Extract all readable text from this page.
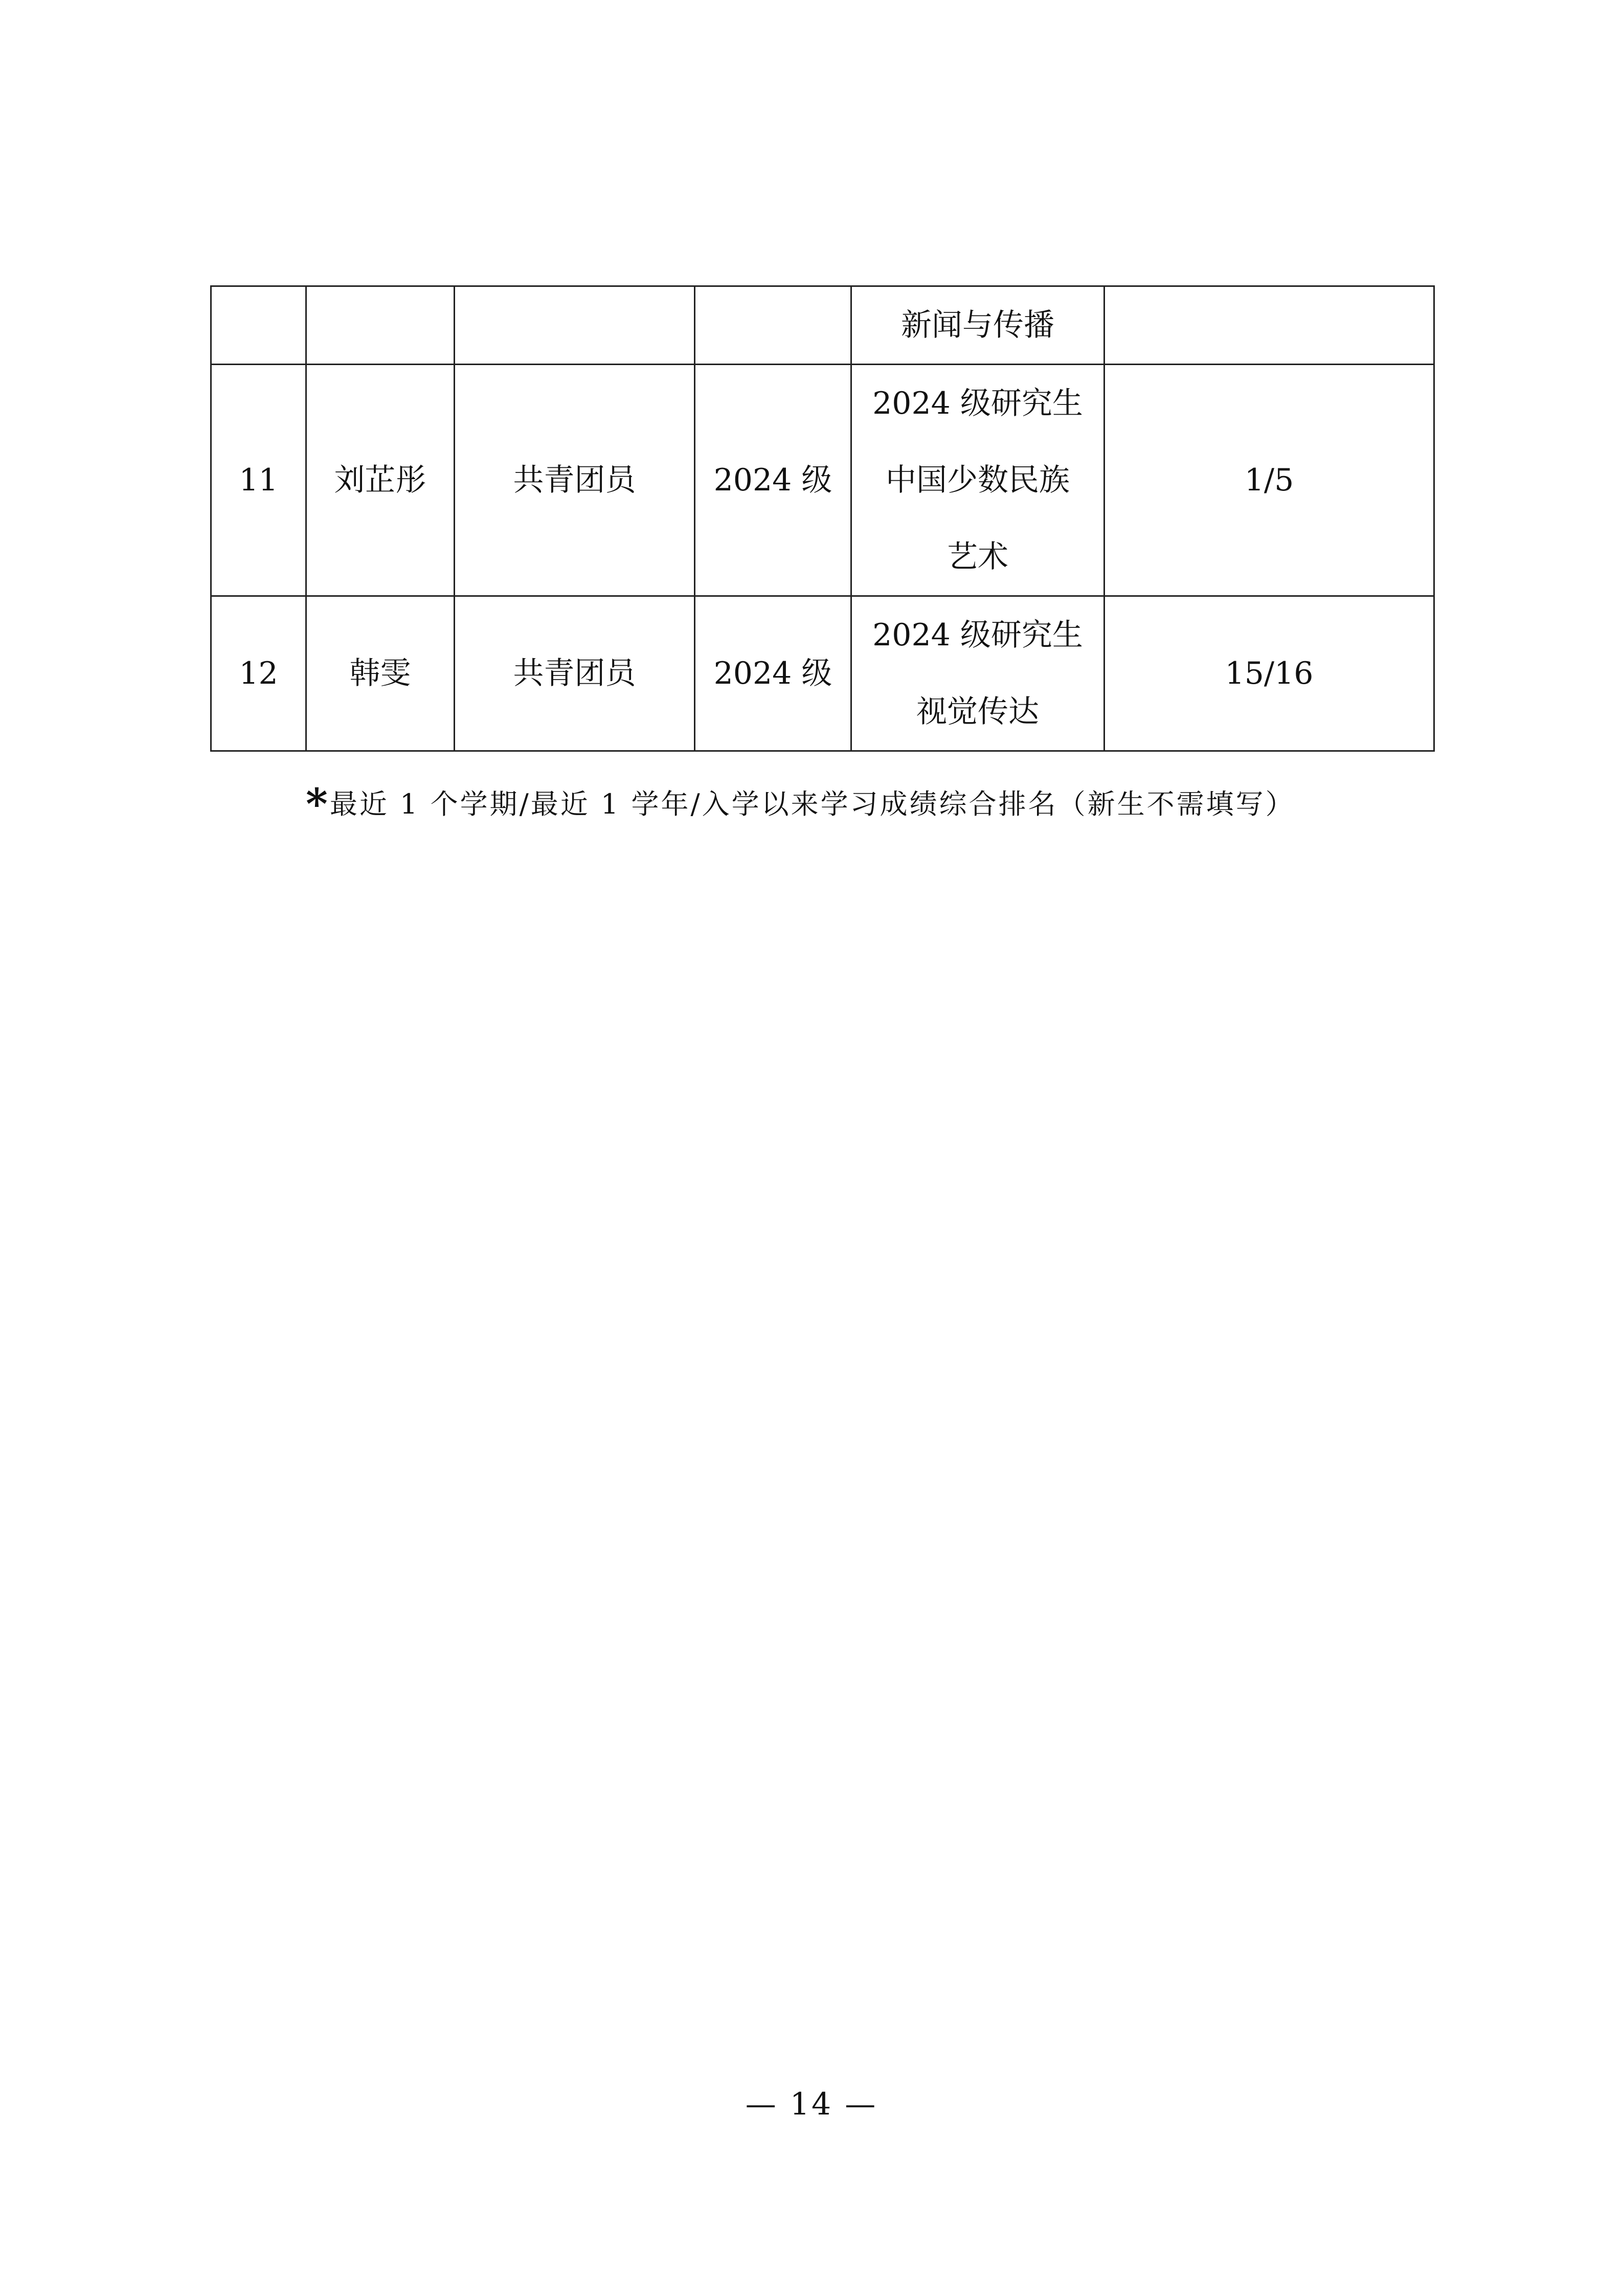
				新闻与传播	

11	刘芷彤	共青团员	2024 级	2024 级研究生
中国少数民族
艺术	1/5
12	韩雯	共青团员	2024 级	2024 级研究生
视觉传达	15/16
*最近 1 个学期/最近 1 学年/入学以来学习成绩综合排名（新生不需填写）
— 14 —
